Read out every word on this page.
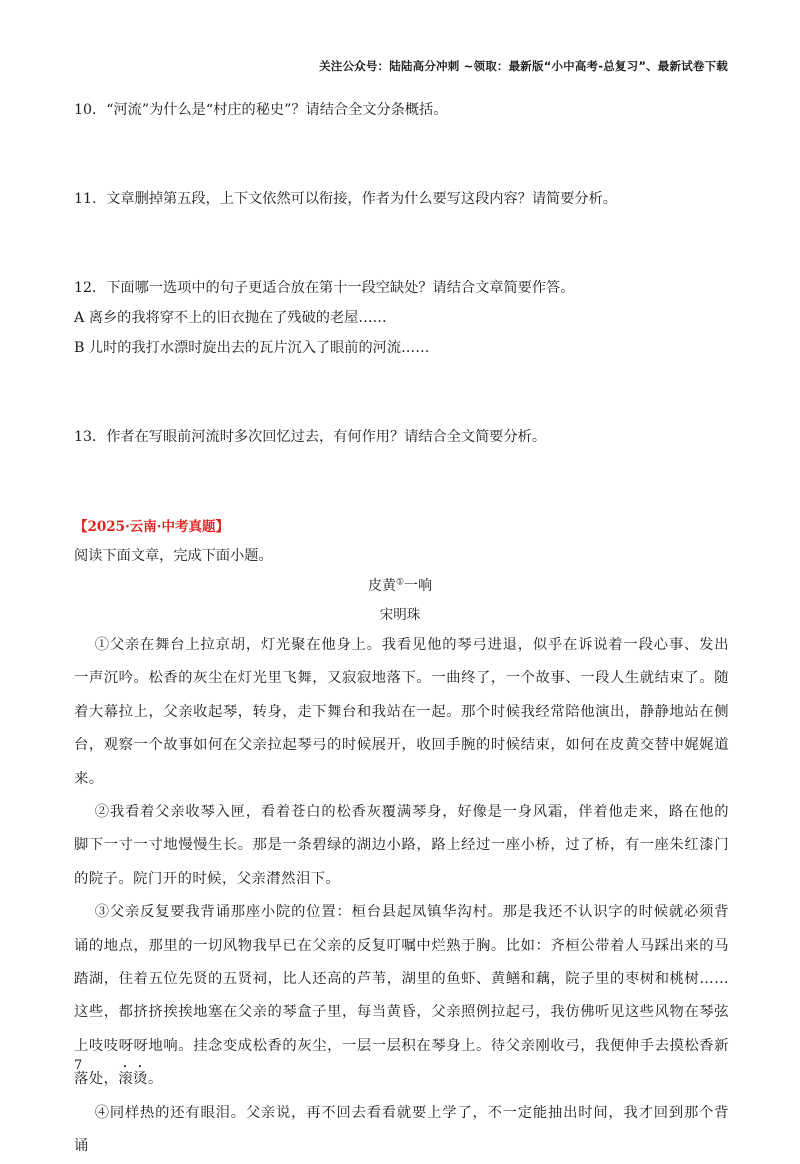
关注公众号：陆陆高分冲刺 ~领取：最新版“小中高考-总复习”、最新试卷下载
10．“河流”为什么是“村庄的秘史”？请结合全文分条概括。
11．文章删掉第五段，上下文依然可以衔接，作者为什么要写这段内容？请简要分析。
12．下面哪一选项中的句子更适合放在第十一段空缺处？请结合文章简要作答。
A 离乡的我将穿不上的旧衣抛在了残破的老屋……
B 儿时的我打水漂时旋出去的瓦片沉入了眼前的河流……
13．作者在写眼前河流时多次回忆过去，有何作用？请结合全文简要分析。
【2025·云南·中考真题】
阅读下面文章，完成下面小题。
皮黄①一响
宋明珠

①父亲在舞台上拉京胡，灯光聚在他身上。我看见他的琴弓进退，似乎在诉说着一段心事、发出一声沉吟。松香的灰尘在灯光里飞舞，又寂寂地落下。一曲终了，一个故事、一段人生就结束了。随着大幕拉上，父亲收起琴，转身，走下舞台和我站在一起。那个时候我经常陪他演出，静静地站在侧台，观察一个故事如何在父亲拉起琴弓的时候展开，收回手腕的时候结束，如何在皮黄交替中娓娓道来。

②我看着父亲收琴入匣，看着苍白的松香灰覆满琴身，好像是一身风霜，伴着他走来，路在他的脚下一寸一寸地慢慢生长。那是一条碧绿的湖边小路，路上经过一座小桥，过了桥，有一座朱红漆门的院子。院门开的时候，父亲潸然泪下。

③父亲反复要我背诵那座小院的位置：桓台县起凤镇华沟村。那是我还不认识字的时候就必须背诵的地点，那里的一切风物我早已在父亲的反复叮嘱中烂熟于胸。比如：齐桓公带着人马踩出来的马踏湖，住着五位先贤的五贤祠，比人还高的芦苇，湖里的鱼虾、黄鳝和藕，院子里的枣树和桃树……这些，都挤挤挨挨地塞在父亲的琴盒子里，每当黄昏，父亲照例拉起弓，我仿佛听见这些风物在琴弦上吱吱呀呀地响。挂念变成松香的灰尘，一层一层积在琴身上。待父亲刚收弓，我便伸手去摸松香新落处，滚烫。

④同样热的还有眼泪。父亲说，再不回去看看就要上学了，不一定能抽出时间，我才回到那个背诵

7
